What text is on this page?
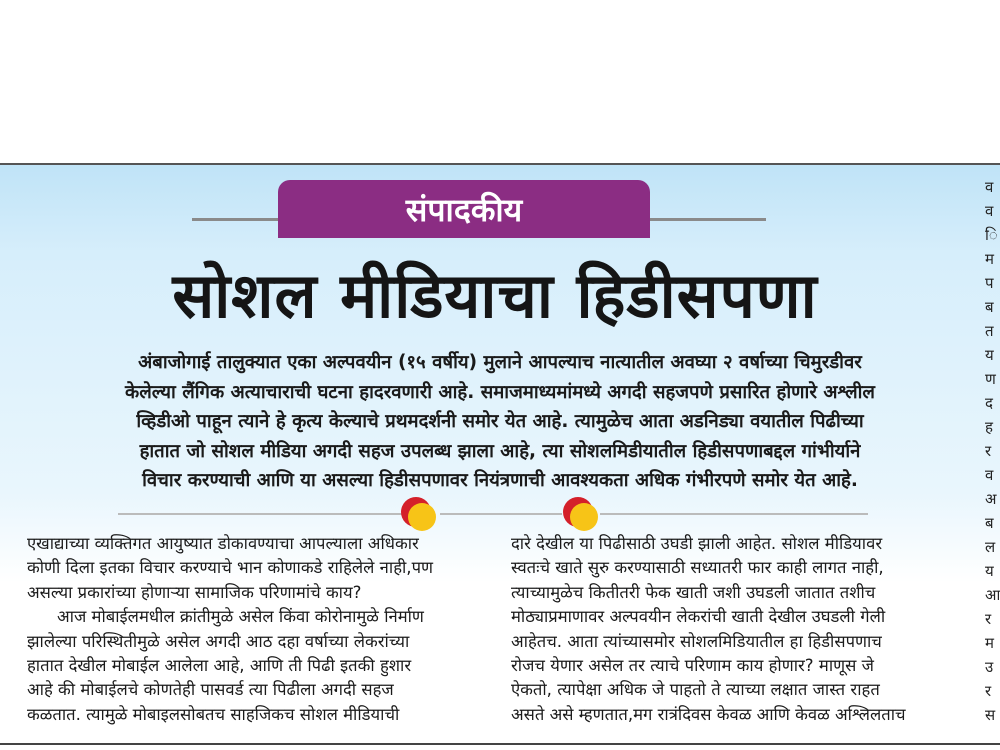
संपादकीय
सोशल मीडियाचा हिडीसपणा

अंबाजोगाई तालुक्यात एका अल्पवयीन (१५ वर्षीय) मुलाने आपल्याच नात्यातील अवघ्या २ वर्षाच्या चिमुरडीवर

केलेल्या लैंगिक अत्याचाराची घटना हादरवणारी आहे. समाजमाध्यमांमध्ये अगदी सहजपणे प्रसारित होणारे अश्लील

व्हिडीओ पाहून त्याने हे कृत्य केल्याचे प्रथमदर्शनी समोर येत आहे. त्यामुळेच आता अडनिड्या वयातील पिढीच्या

हातात जो सोशल मीडिया अगदी सहज उपलब्ध झाला आहे, त्या सोशलमिडीयातील हिडीसपणाबद्दल गांभीर्याने

विचार करण्याची आणि या असल्या हिडीसपणावर नियंत्रणाची आवश्यकता अधिक गंभीरपणे समोर येत आहे.

एखाद्याच्या व्यक्तिगत आयुष्यात डोकावण्याचा आपल्याला अधिकार

कोणी दिला इतका विचार करण्याचे भान कोणाकडे राहिलेले नाही,पण

असल्या प्रकारांच्या होणाऱ्या सामाजिक परिणामांचे काय?

आज मोबाईलमधील क्रांतीमुळे असेल किंवा कोरोनामुळे निर्माण

झालेल्या परिस्थितीमुळे असेल अगदी आठ दहा वर्षाच्या लेकरांच्या

हातात देखील मोबाईल आलेला आहे, आणि ती पिढी इतकी हुशार

आहे की मोबाईलचे कोणतेही पासवर्ड त्या पिढीला अगदी सहज

कळतात. त्यामुळे मोबाइलसोबतच साहजिकच सोशल मीडियाची

दारे देखील या पिढीसाठी उघडी झाली आहेत. सोशल मीडियावर

स्वतःचे खाते सुरु करण्यासाठी सध्यातरी फार काही लागत नाही,

त्याच्यामुळेच कितीतरी फेक खाती जशी उघडली जातात तशीच

मोठ्याप्रमाणावर अल्पवयीन लेकरांची खाती देखील उघडली गेली

आहेतच. आता त्यांच्यासमोर सोशलमिडियातील हा हिडीसपणाच

रोजच येणार असेल तर त्याचे परिणाम काय होणार? माणूस जे

ऐकतो, त्यापेक्षा अधिक जे पाहतो ते त्याच्या लक्षात जास्त राहत

असते असे म्हणतात,मग रात्रंदिवस केवळ आणि केवळ अश्लिलताच

व
व
ि
म
प
ब
त
य
ण
द
ह
र
व
अ
ब
ल
य
आ
र
म
उ
र
स
